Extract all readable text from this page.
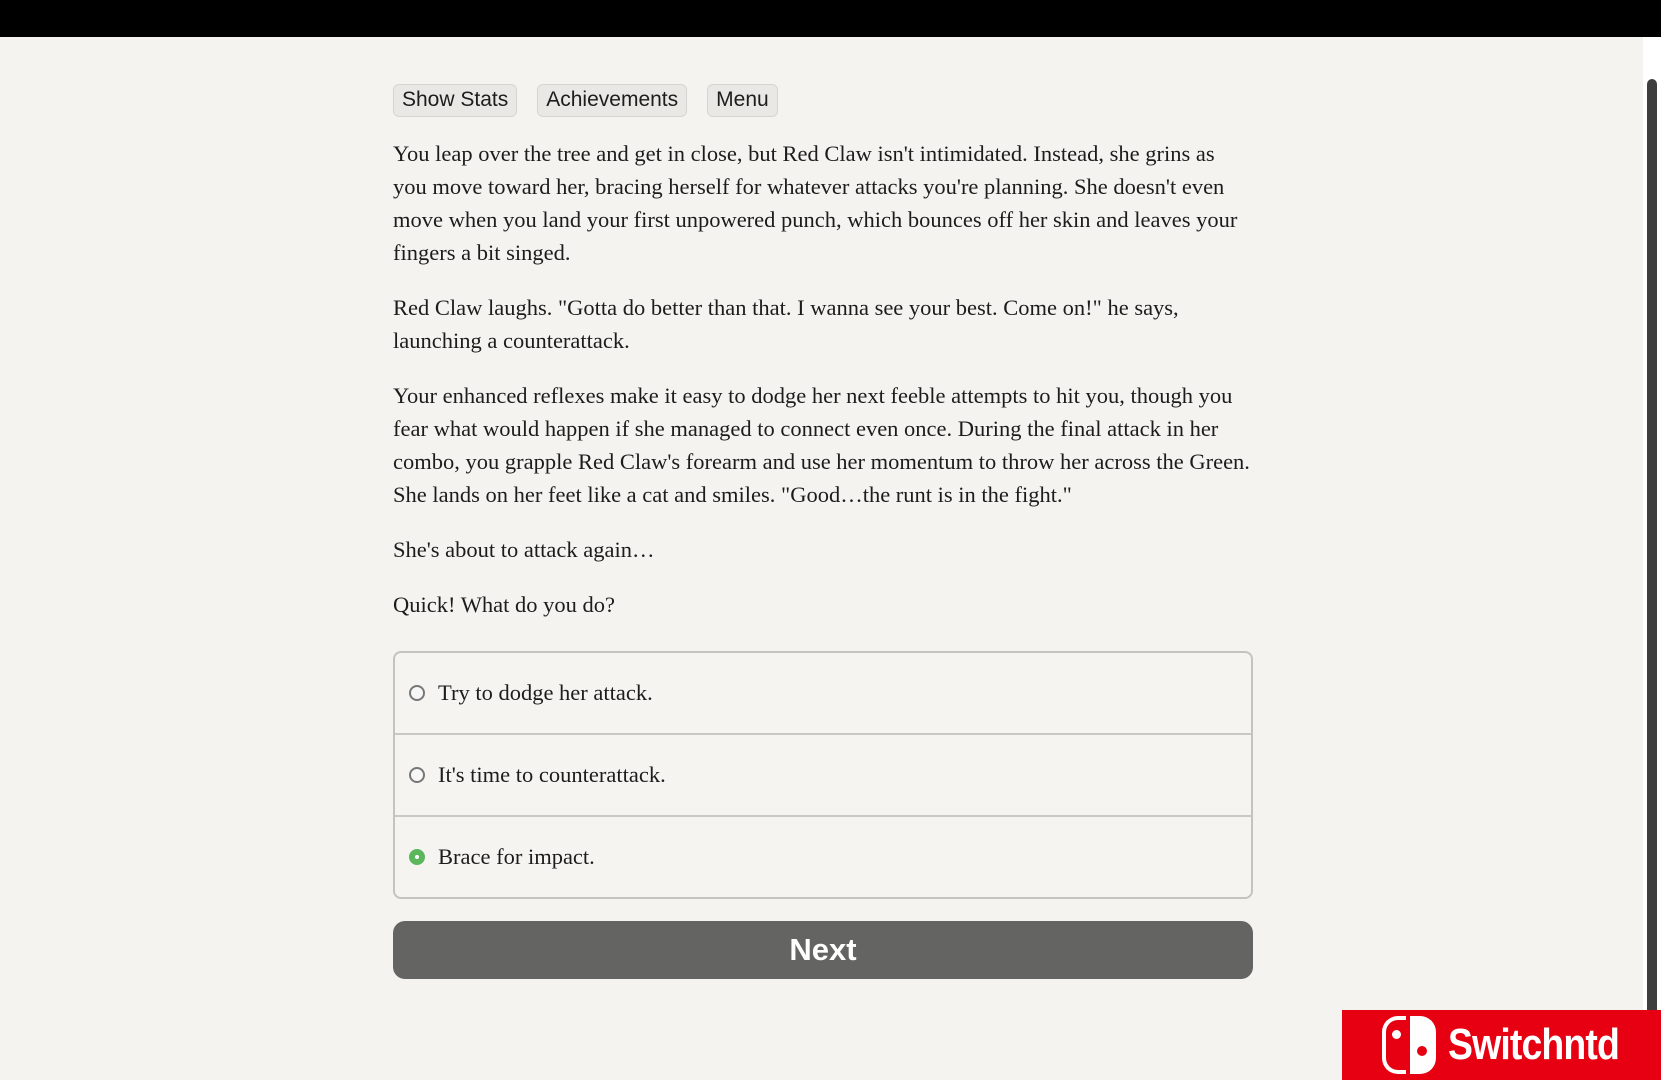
Show Stats	Achievements	Menu

You leap over the tree and get in close, but Red Claw isn't intimidated. Instead, she grins as you move toward her, bracing herself for whatever attacks you're planning. She doesn't even move when you land your first unpowered punch, which bounces off her skin and leaves your fingers a bit singed.

Red Claw laughs. "Gotta do better than that. I wanna see your best. Come on!" he says, launching a counterattack.

Your enhanced reflexes make it easy to dodge her next feeble attempts to hit you, though you fear what would happen if she managed to connect even once. During the final attack in her combo, you grapple Red Claw's forearm and use her momentum to throw her across the Green. She lands on her feet like a cat and smiles. "Good…the runt is in the fight."

She's about to attack again…

Quick! What do you do?

Try to dodge her attack.
It's time to counterattack.
Brace for impact.
Next
Switchntd
